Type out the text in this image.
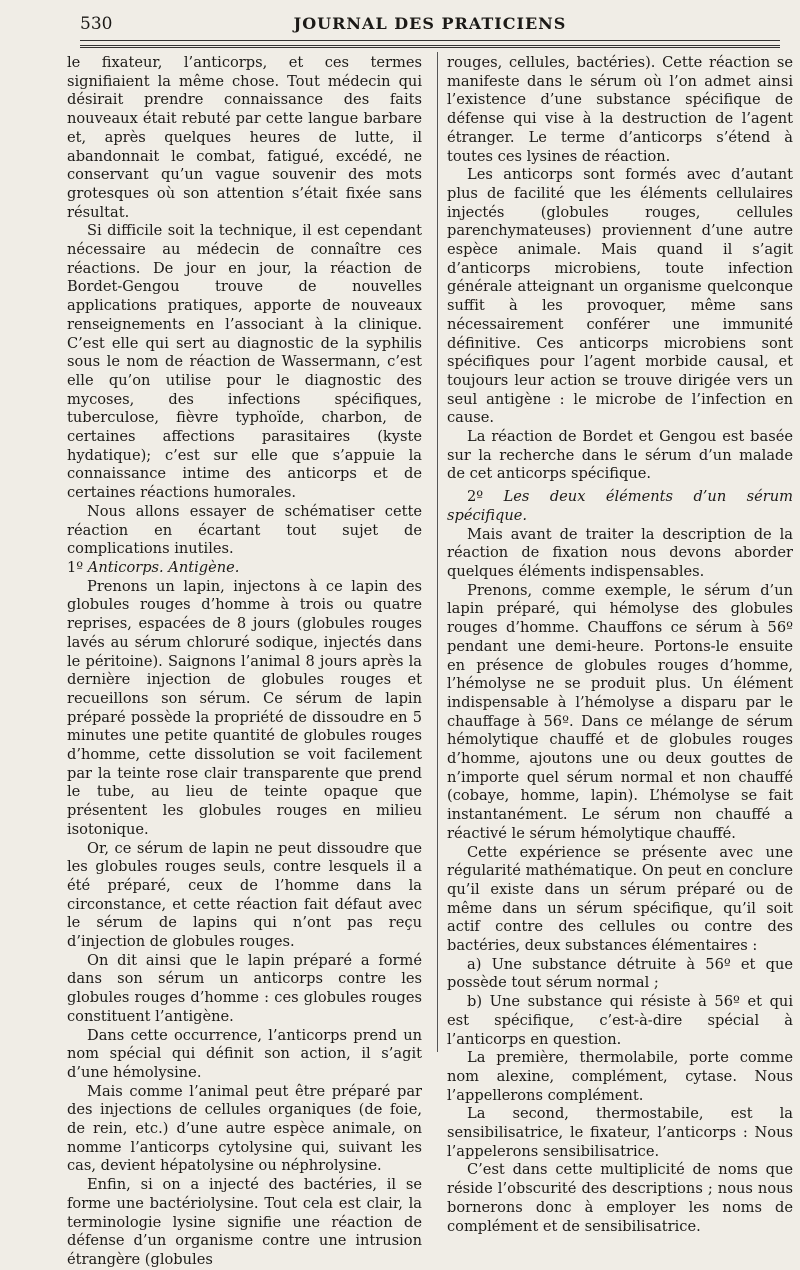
530	JOURNAL DES PRATICIENS

le fixateur, l’anticorps, et ces termes signifiaient la même chose. Tout médecin qui désirait prendre connaissance des faits nouveaux était rebuté par cette langue barbare et, après quelques heures de lutte, il abandonnait le combat, fatigué, excédé, ne conservant qu’un vague souvenir des mots grotesques où son attention s’était fixée sans résultat.

Si difficile soit la technique, il est cependant nécessaire au médecin de connaître ces réactions. De jour en jour, la réaction de Bordet-Gengou trouve de nouvelles applications pratiques, apporte de nouveaux renseignements en l’associant à la clinique. C’est elle qui sert au diagnostic de la syphilis sous le nom de réaction de Wassermann, c’est elle qu’on utilise pour le diagnostic des mycoses, des infections spécifiques, tuberculose, fièvre typhoïde, charbon, de certaines affections parasitaires (kyste hydatique); c’est sur elle que s’appuie la connaissance intime des anticorps et de certaines réactions humorales.

Nous allons essayer de schématiser cette réaction en écartant tout sujet de complications inutiles.

1º Anticorps. Antigène.

Prenons un lapin, injectons à ce lapin des globules rouges d’homme à trois ou quatre reprises, espacées de 8 jours (globules rouges lavés au sérum chloruré sodique, injectés dans le péritoine). Saignons l’animal 8 jours après la dernière injection de globules rouges et recueillons son sérum. Ce sérum de lapin préparé possède la propriété de dissoudre en 5 minutes une petite quantité de globules rouges d’homme, cette dissolution se voit facilement par la teinte rose clair transparente que prend le tube, au lieu de teinte opaque que présentent les globules rouges en milieu isotonique.

Or, ce sérum de lapin ne peut dissoudre que les globules rouges seuls, contre lesquels il a été préparé, ceux de l’homme dans la circonstance, et cette réaction fait défaut avec le sérum de lapins qui n’ont pas reçu d’injection de globules rouges.

On dit ainsi que le lapin préparé a formé dans son sérum un anticorps contre les globules rouges d’homme : ces globules rouges constituent l’antigène.

Dans cette occurrence, l’anticorps prend un nom spécial qui définit son action, il s’agit d’une hémolysine.

Mais comme l’animal peut être préparé par des injections de cellules organiques (de foie, de rein, etc.) d’une autre espèce animale, on nomme l’anticorps cytolysine qui, suivant les cas, devient hépatolysine ou néphrolysine.

Enfin, si on a injecté des bactéries, il se forme une bactériolysine. Tout cela est clair, la terminologie lysine signifie une réaction de défense d’un organisme contre une intrusion étrangère (globules

rouges, cellules, bactéries). Cette réaction se manifeste dans le sérum où l’on admet ainsi l’existence d’une substance spécifique de défense qui vise à la destruction de l’agent étranger. Le terme d’anticorps s’étend à toutes ces lysines de réaction.

Les anticorps sont formés avec d’autant plus de facilité que les éléments cellulaires injectés (globules rouges, cellules parenchymateuses) proviennent d’une autre espèce animale. Mais quand il s’agit d’anticorps microbiens, toute infection générale atteignant un organisme quelconque suffit à les provoquer, même sans nécessairement conférer une immunité définitive. Ces anticorps microbiens sont spécifiques pour l’agent morbide causal, et toujours leur action se trouve dirigée vers un seul antigène : le microbe de l’infection en cause.

La réaction de Bordet et Gengou est basée sur la recherche dans le sérum d’un malade de cet anticorps spécifique.

2º Les deux éléments d’un sérum spécifique.

Mais avant de traiter la description de la réaction de fixation nous devons aborder quelques éléments indispensables.

Prenons, comme exemple, le sérum d’un lapin préparé, qui hémolyse des globules rouges d’homme. Chauffons ce sérum à 56º pendant une demi-heure. Portons-le ensuite en présence de globules rouges d’homme, l’hémolyse ne se produit plus. Un élément indispensable à l’hémolyse a disparu par le chauffage à 56º. Dans ce mélange de sérum hémolytique chauffé et de globules rouges d’homme, ajoutons une ou deux gouttes de n’importe quel sérum normal et non chauffé (cobaye, homme, lapin). L’hémolyse se fait instantanément. Le sérum non chauffé a réactivé le sérum hémolytique chauffé.

Cette expérience se présente avec une régularité mathématique. On peut en conclure qu’il existe dans un sérum préparé ou de même dans un sérum spécifique, qu’il soit actif contre des cellules ou contre des bactéries, deux substances élémentaires :

a) Une substance détruite à 56º et que possède tout sérum normal ;

b) Une substance qui résiste à 56º et qui est spécifique, c’est-à-dire spécial à l’anticorps en question.

La première, thermolabile, porte comme nom alexine, complément, cytase. Nous l’appellerons complément.

La second, thermostabile, est la sensibilisatrice, le fixateur, l’anticorps : Nous l’appelerons sensibilisatrice.

C’est dans cette multiplicité de noms que réside l’obscurité des descriptions ; nous nous bornerons donc à employer les noms de complément et de sensibilisatrice.
